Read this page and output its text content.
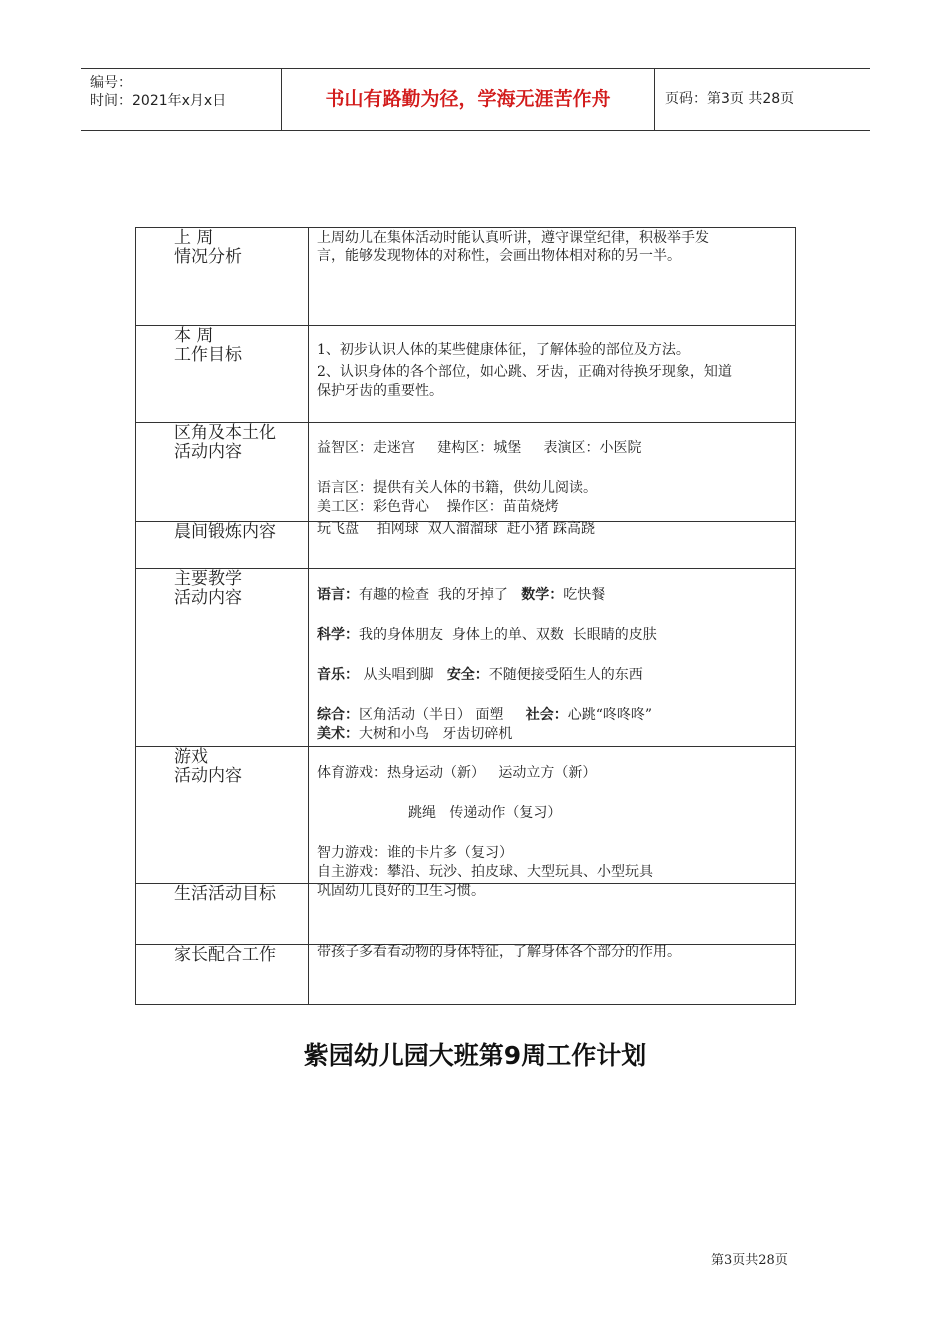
编号：
时间：2021年x月x日	书山有路勤为径，学海无涯苦作舟	页码：第3页 共28页
上 周
情况分析

上周幼儿在集体活动时能认真听讲，遵守课堂纪律，积极举手发

言，能够发现物体的对称性，会画出物体相对称的另一半。

本 周
工作目标	1、初步认识人体的某些健康体征，了解体验的部位及方法。

2、认识身体的各个部位，如心跳、牙齿，正确对待换牙现象，知道

保护牙齿的重要性。

区角及本土化
活动内容	益智区：走迷宫     建构区：城堡     表演区：小医院

语言区：提供有关人体的书籍，供幼儿阅读。

美工区：彩色背心    操作区：苗苗烧烤

晨间锻炼内容	玩飞盘    拍网球  双人溜溜球  赶小猪 踩高跷

主要教学
活动内容	语言：有趣的检查  我的牙掉了   数学：吃快餐

科学：我的身体朋友  身体上的单、双数  长眼睛的皮肤

音乐： 从头唱到脚   安全：不随便接受陌生人的东西

综合：区角活动（半日） 面塑     社会：心跳“咚咚咚”

美术：大树和小鸟   牙齿切碎机

游戏
活动内容	体育游戏：热身运动（新）   运动立方（新）

跳绳   传递动作（复习）

智力游戏：谁的卡片多（复习）

自主游戏：攀沿、玩沙、拍皮球、大型玩具、小型玩具

生活活动目标	巩固幼儿良好的卫生习惯。

家长配合工作	带孩子多看看动物的身体特征，了解身体各个部分的作用。

紫园幼儿园大班第9周工作计划
第3页共28页
